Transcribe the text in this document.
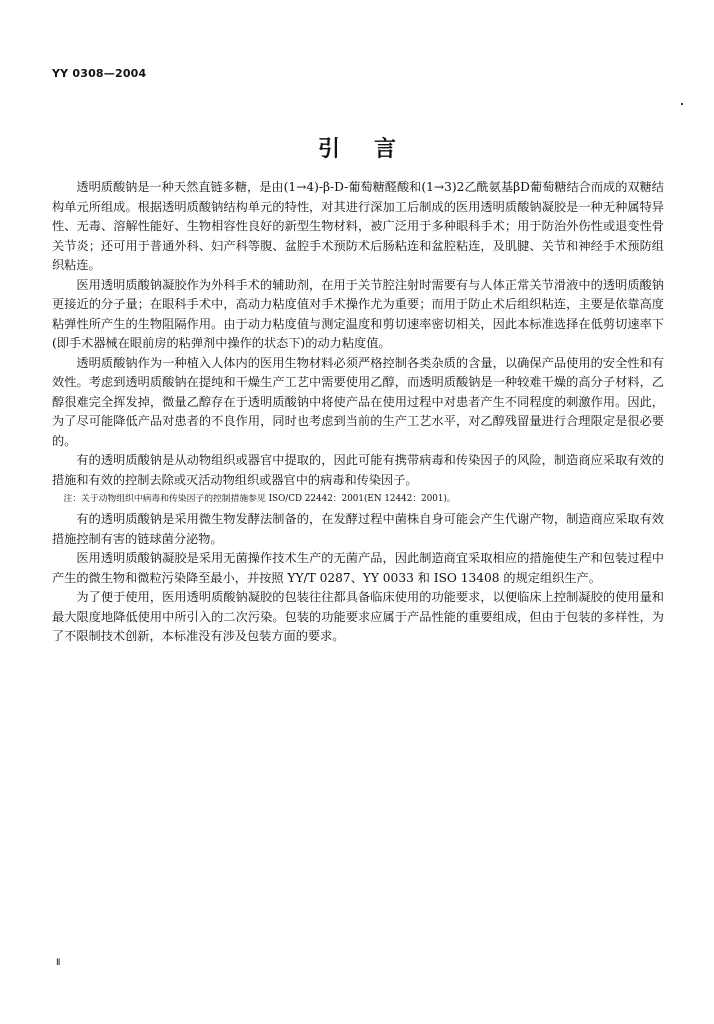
YY 0308—2004
引言

透明质酸钠是一种天然直链多糖，是由(1→4)-β-D-葡萄糖醛酸和(1→3)2乙酰氨基βD葡萄糖结合而成的双糖结构单元所组成。根据透明质酸钠结构单元的特性，对其进行深加工后制成的医用透明质酸钠凝胶是一种无种属特异性、无毒、溶解性能好、生物相容性良好的新型生物材料，被广泛用于多种眼科手术；用于防治外伤性或退变性骨关节炎；还可用于普通外科、妇产科等腹、盆腔手术预防术后肠粘连和盆腔粘连，及肌腱、关节和神经手术预防组织粘连。

医用透明质酸钠凝胶作为外科手术的辅助剂，在用于关节腔注射时需要有与人体正常关节滑液中的透明质酸钠更接近的分子量；在眼科手术中，高动力粘度值对手术操作尤为重要；而用于防止术后组织粘连，主要是依靠高度粘弹性所产生的生物阻隔作用。由于动力粘度值与测定温度和剪切速率密切相关，因此本标准选择在低剪切速率下(即手术器械在眼前房的粘弹剂中操作的状态下)的动力粘度值。

透明质酸钠作为一种植入人体内的医用生物材料必须严格控制各类杂质的含量，以确保产品使用的安全性和有效性。考虑到透明质酸钠在提纯和干燥生产工艺中需要使用乙醇，而透明质酸钠是一种较难干燥的高分子材料，乙醇很难完全挥发掉，微量乙醇存在于透明质酸钠中将使产品在使用过程中对患者产生不同程度的刺激作用。因此，为了尽可能降低产品对患者的不良作用，同时也考虑到当前的生产工艺水平，对乙醇残留量进行合理限定是很必要的。

有的透明质酸钠是从动物组织或器官中提取的，因此可能有携带病毒和传染因子的风险，制造商应采取有效的措施和有效的控制去除或灭活动物组织或器官中的病毒和传染因子。

注：关于动物组织中病毒和传染因子的控制措施参见 ISO/CD 22442：2001(EN 12442：2001)。

有的透明质酸钠是采用微生物发酵法制备的，在发酵过程中菌株自身可能会产生代谢产物，制造商应采取有效措施控制有害的链球菌分泌物。

医用透明质酸钠凝胶是采用无菌操作技术生产的无菌产品，因此制造商宜采取相应的措施使生产和包装过程中产生的微生物和微粒污染降至最小，并按照 YY/T 0287、YY 0033 和 ISO 13408 的规定组织生产。

为了便于使用，医用透明质酸钠凝胶的包装往往都具备临床使用的功能要求，以便临床上控制凝胶的使用量和最大限度地降低使用中所引入的二次污染。包装的功能要求应属于产品性能的重要组成，但由于包装的多样性，为了不限制技术创新，本标准没有涉及包装方面的要求。

Ⅱ
